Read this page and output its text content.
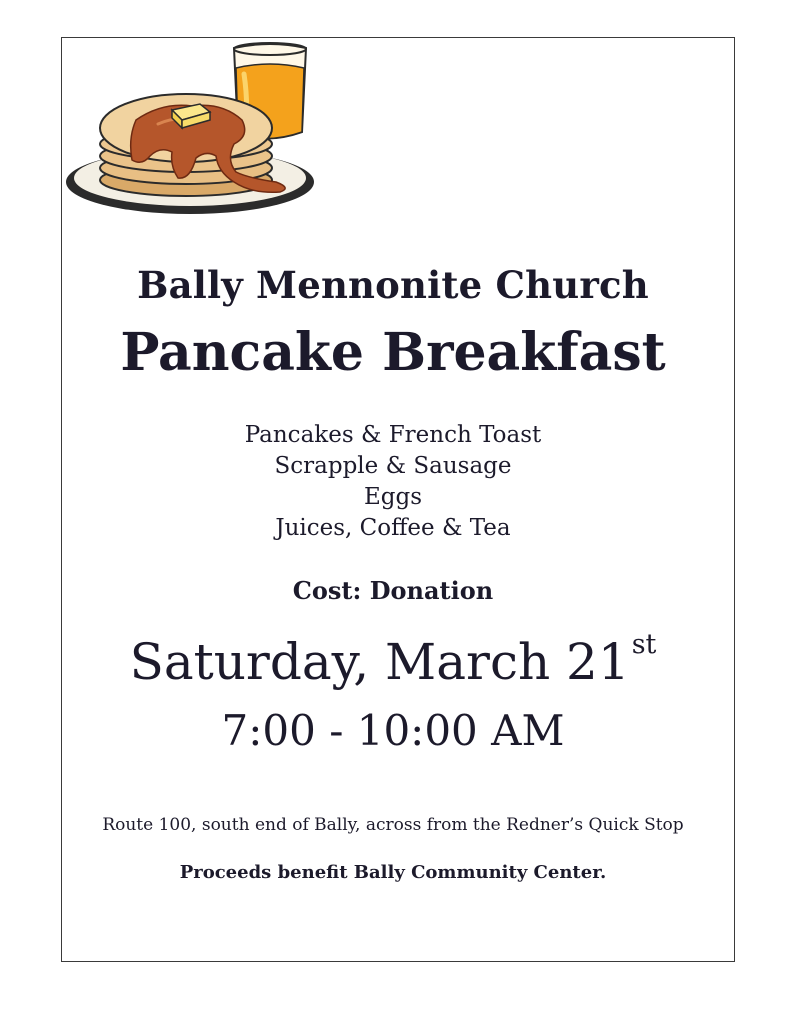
Bally Mennonite Church
Pancake Breakfast
Pancakes & French Toast
Scrapple & Sausage
Eggs
Juices, Coffee & Tea

Cost: Donation

Saturday, March 21st

7:00 - 10:00 AM

Route 100, south end of Bally, across from the Redner’s Quick Stop

Proceeds benefit Bally Community Center.
